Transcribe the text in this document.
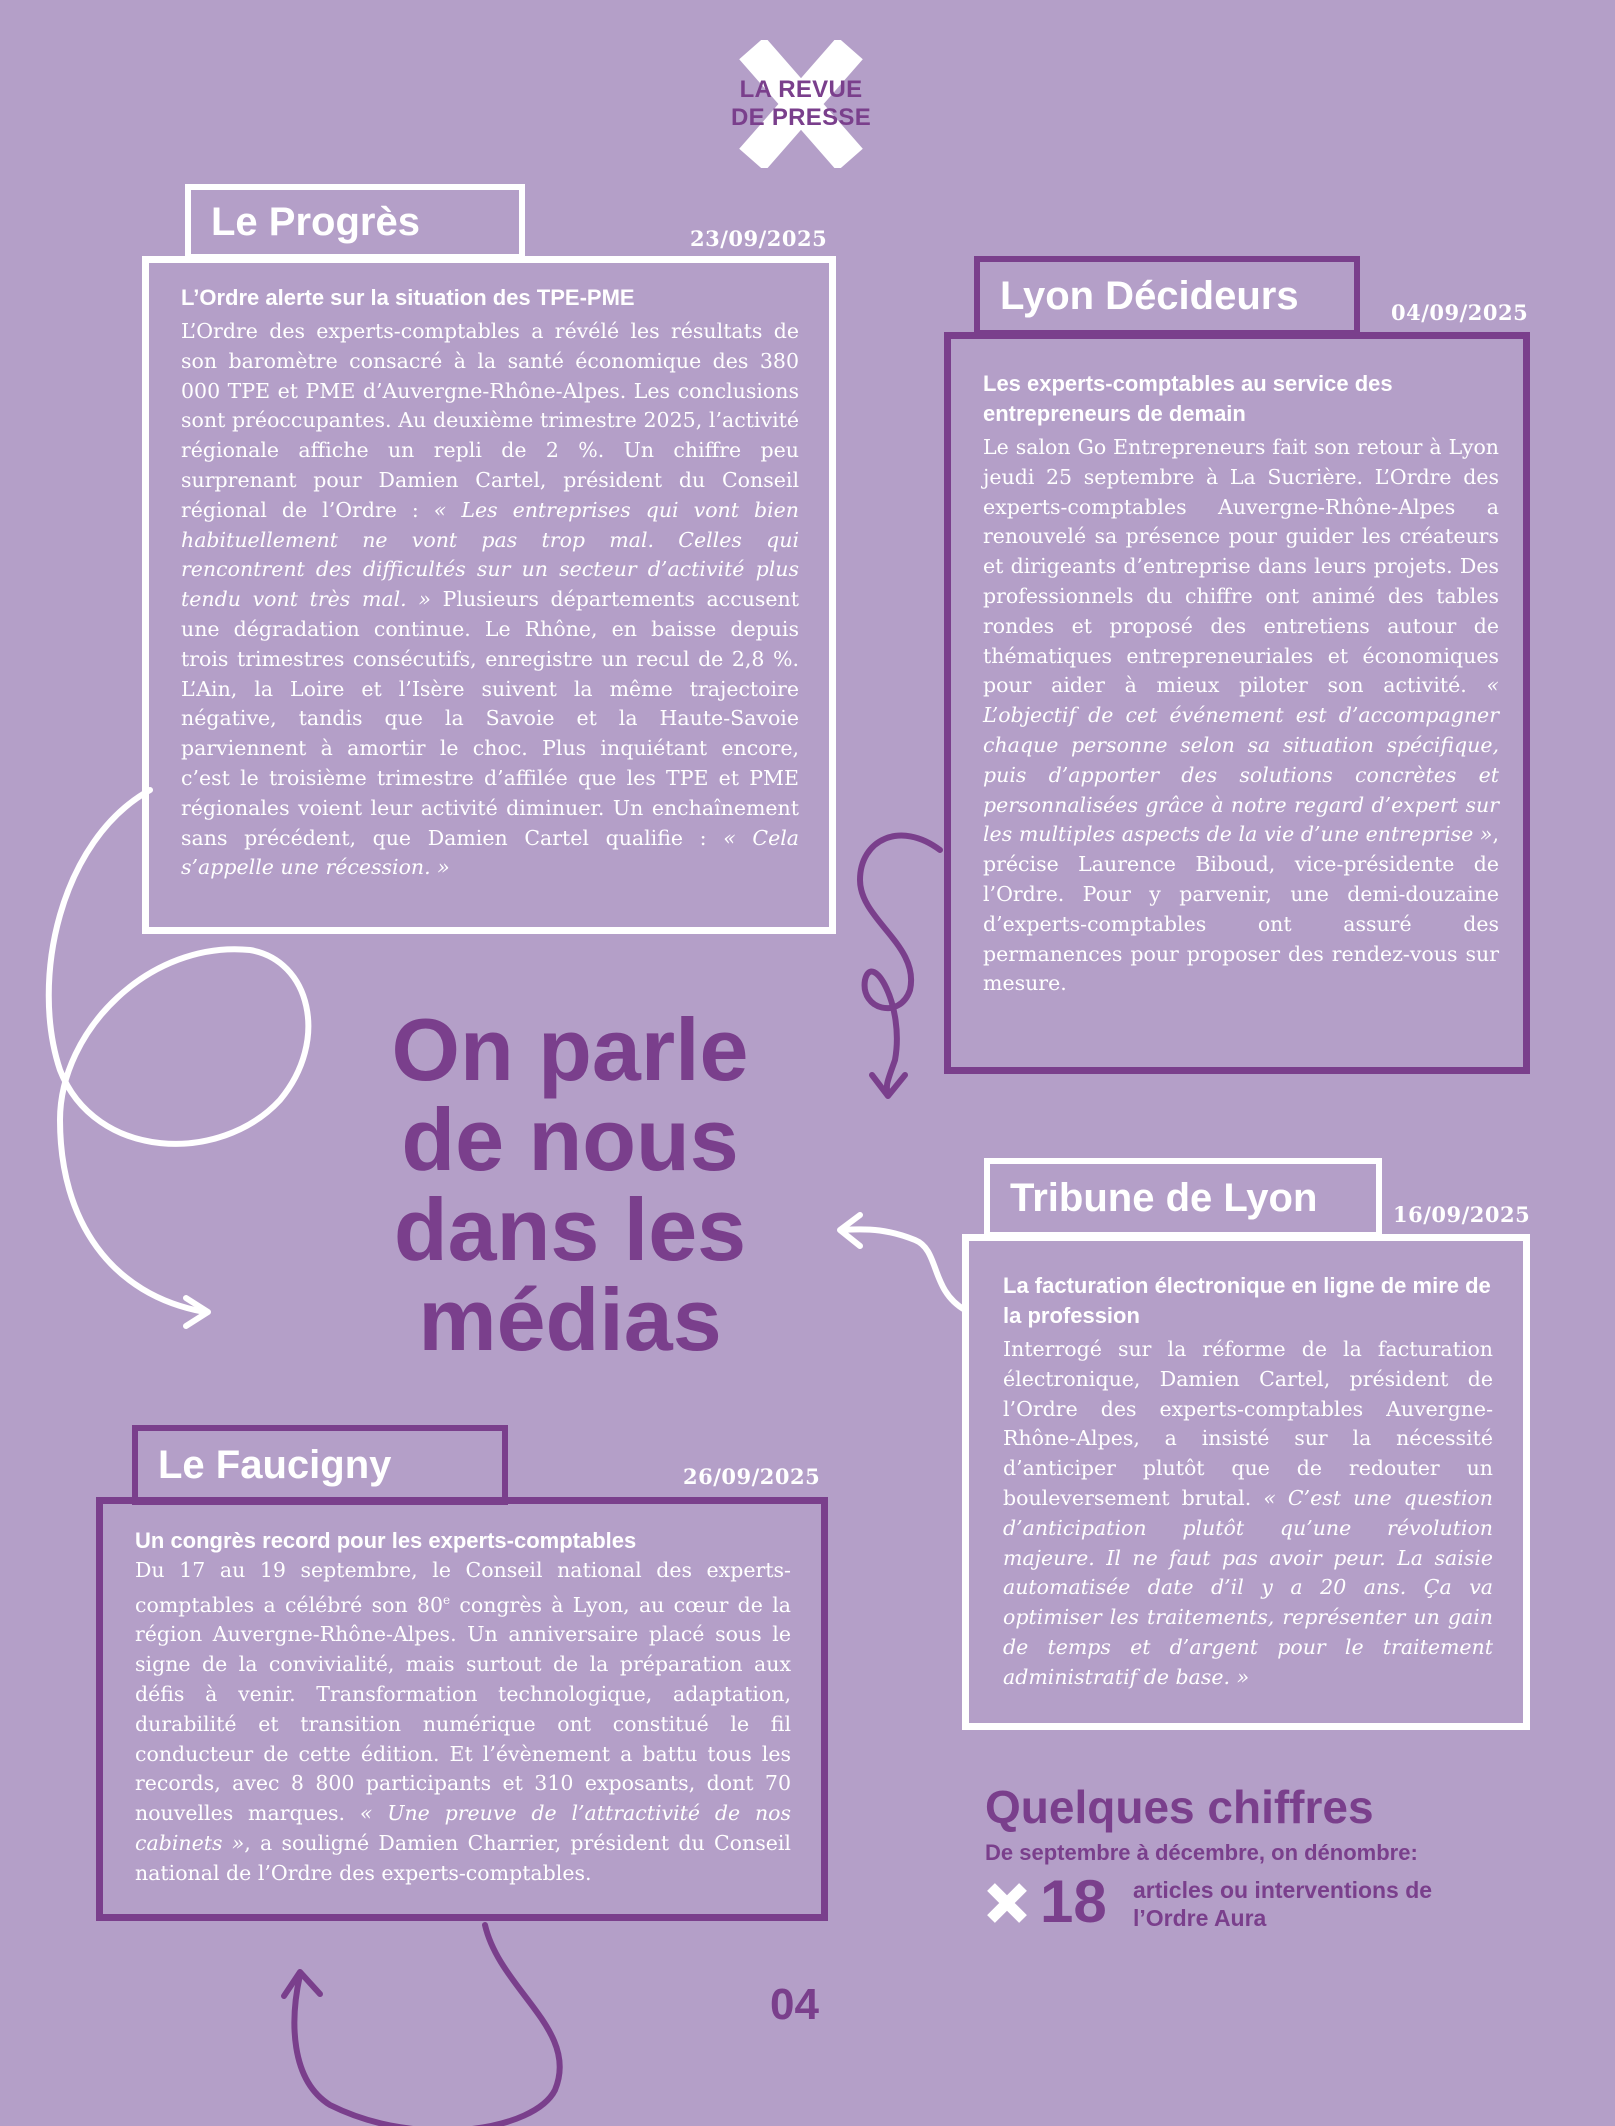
LA REVUE
DE PRESSE
Le Progrès	23/09/2025

L’Ordre alerte sur la situation des TPE-PME

L’Ordre des experts-comptables a révélé les résultats de son baromètre consacré à la santé économique des 380 000 TPE et PME d’Auvergne-Rhône-Alpes. Les conclusions sont préoccupantes. Au deuxième trimestre 2025, l’activité régionale affiche un repli de 2 %. Un chiffre peu surprenant pour Damien Cartel, président du Conseil régional de l’Ordre : « Les entreprises qui vont bien habituellement ne vont pas trop mal. Celles qui rencontrent des difficultés sur un secteur d’activité plus tendu vont très mal. » Plusieurs départements accusent une dégradation continue. Le Rhône, en baisse depuis trois trimestres consécutifs, enregistre un recul de 2,8 %. L’Ain, la Loire et l’Isère suivent la même trajectoire négative, tandis que la Savoie et la Haute-Savoie parviennent à amortir le choc. Plus inquiétant encore, c’est le troisième trimestre d’affilée que les TPE et PME régionales voient leur activité diminuer. Un enchaînement sans précédent, que Damien Cartel qualifie : « Cela s’appelle une récession. »

Lyon Décideurs	04/09/2025

Les experts-comptables au service des entrepreneurs de demain

Le salon Go Entrepreneurs fait son retour à Lyon jeudi 25 septembre à La Sucrière. L’Ordre des experts-comptables Auvergne-Rhône-Alpes a renouvelé sa présence pour guider les créateurs et dirigeants d’entreprise dans leurs projets. Des professionnels du chiffre ont animé des tables rondes et proposé des entretiens autour de thématiques entrepreneuriales et économiques pour aider à mieux piloter son activité. « L’objectif de cet événement est d’accompagner chaque personne selon sa situation spécifique, puis d’apporter des solutions concrètes et personnalisées grâce à notre regard d’expert sur les multiples aspects de la vie d’une entreprise », précise Laurence Biboud, vice-présidente de l’Ordre. Pour y parvenir, une demi-douzaine d’experts-comptables ont assuré des permanences pour proposer des rendez-vous sur mesure.

On parle
de nous
dans les
médias
Tribune de Lyon	16/09/2025

La facturation électronique en ligne de mire de la profession

Interrogé sur la réforme de la facturation électronique, Damien Cartel, président de l’Ordre des experts-comptables Auvergne-Rhône-Alpes, a insisté sur la nécessité d’anticiper plutôt que de redouter un bouleversement brutal. « C’est une question d’anticipation plutôt qu’une révolution majeure. Il ne faut pas avoir peur. La saisie automatisée date d’il y a 20 ans. Ça va optimiser les traitements, représenter un gain de temps et d’argent pour le traitement administratif de base. »

Le Faucigny	26/09/2025

Un congrès record pour les experts-comptables

Du 17 au 19 septembre, le Conseil national des experts-comptables a célébré son 80e congrès à Lyon, au cœur de la région Auvergne-Rhône-Alpes. Un anniversaire placé sous le signe de la convivialité, mais surtout de la préparation aux défis à venir. Transformation technologique, adaptation, durabilité et transition numérique ont constitué le fil conducteur de cette édition. Et l’évènement a battu tous les records, avec 8 800 participants et 310 exposants, dont 70 nouvelles marques. « Une preuve de l’attractivité de nos cabinets », a souligné Damien Charrier, président du Conseil national de l’Ordre des experts-comptables.

Quelques chiffres
De septembre à décembre, on dénombre:
18 articles ou interventions de l’Ordre Aura
04
